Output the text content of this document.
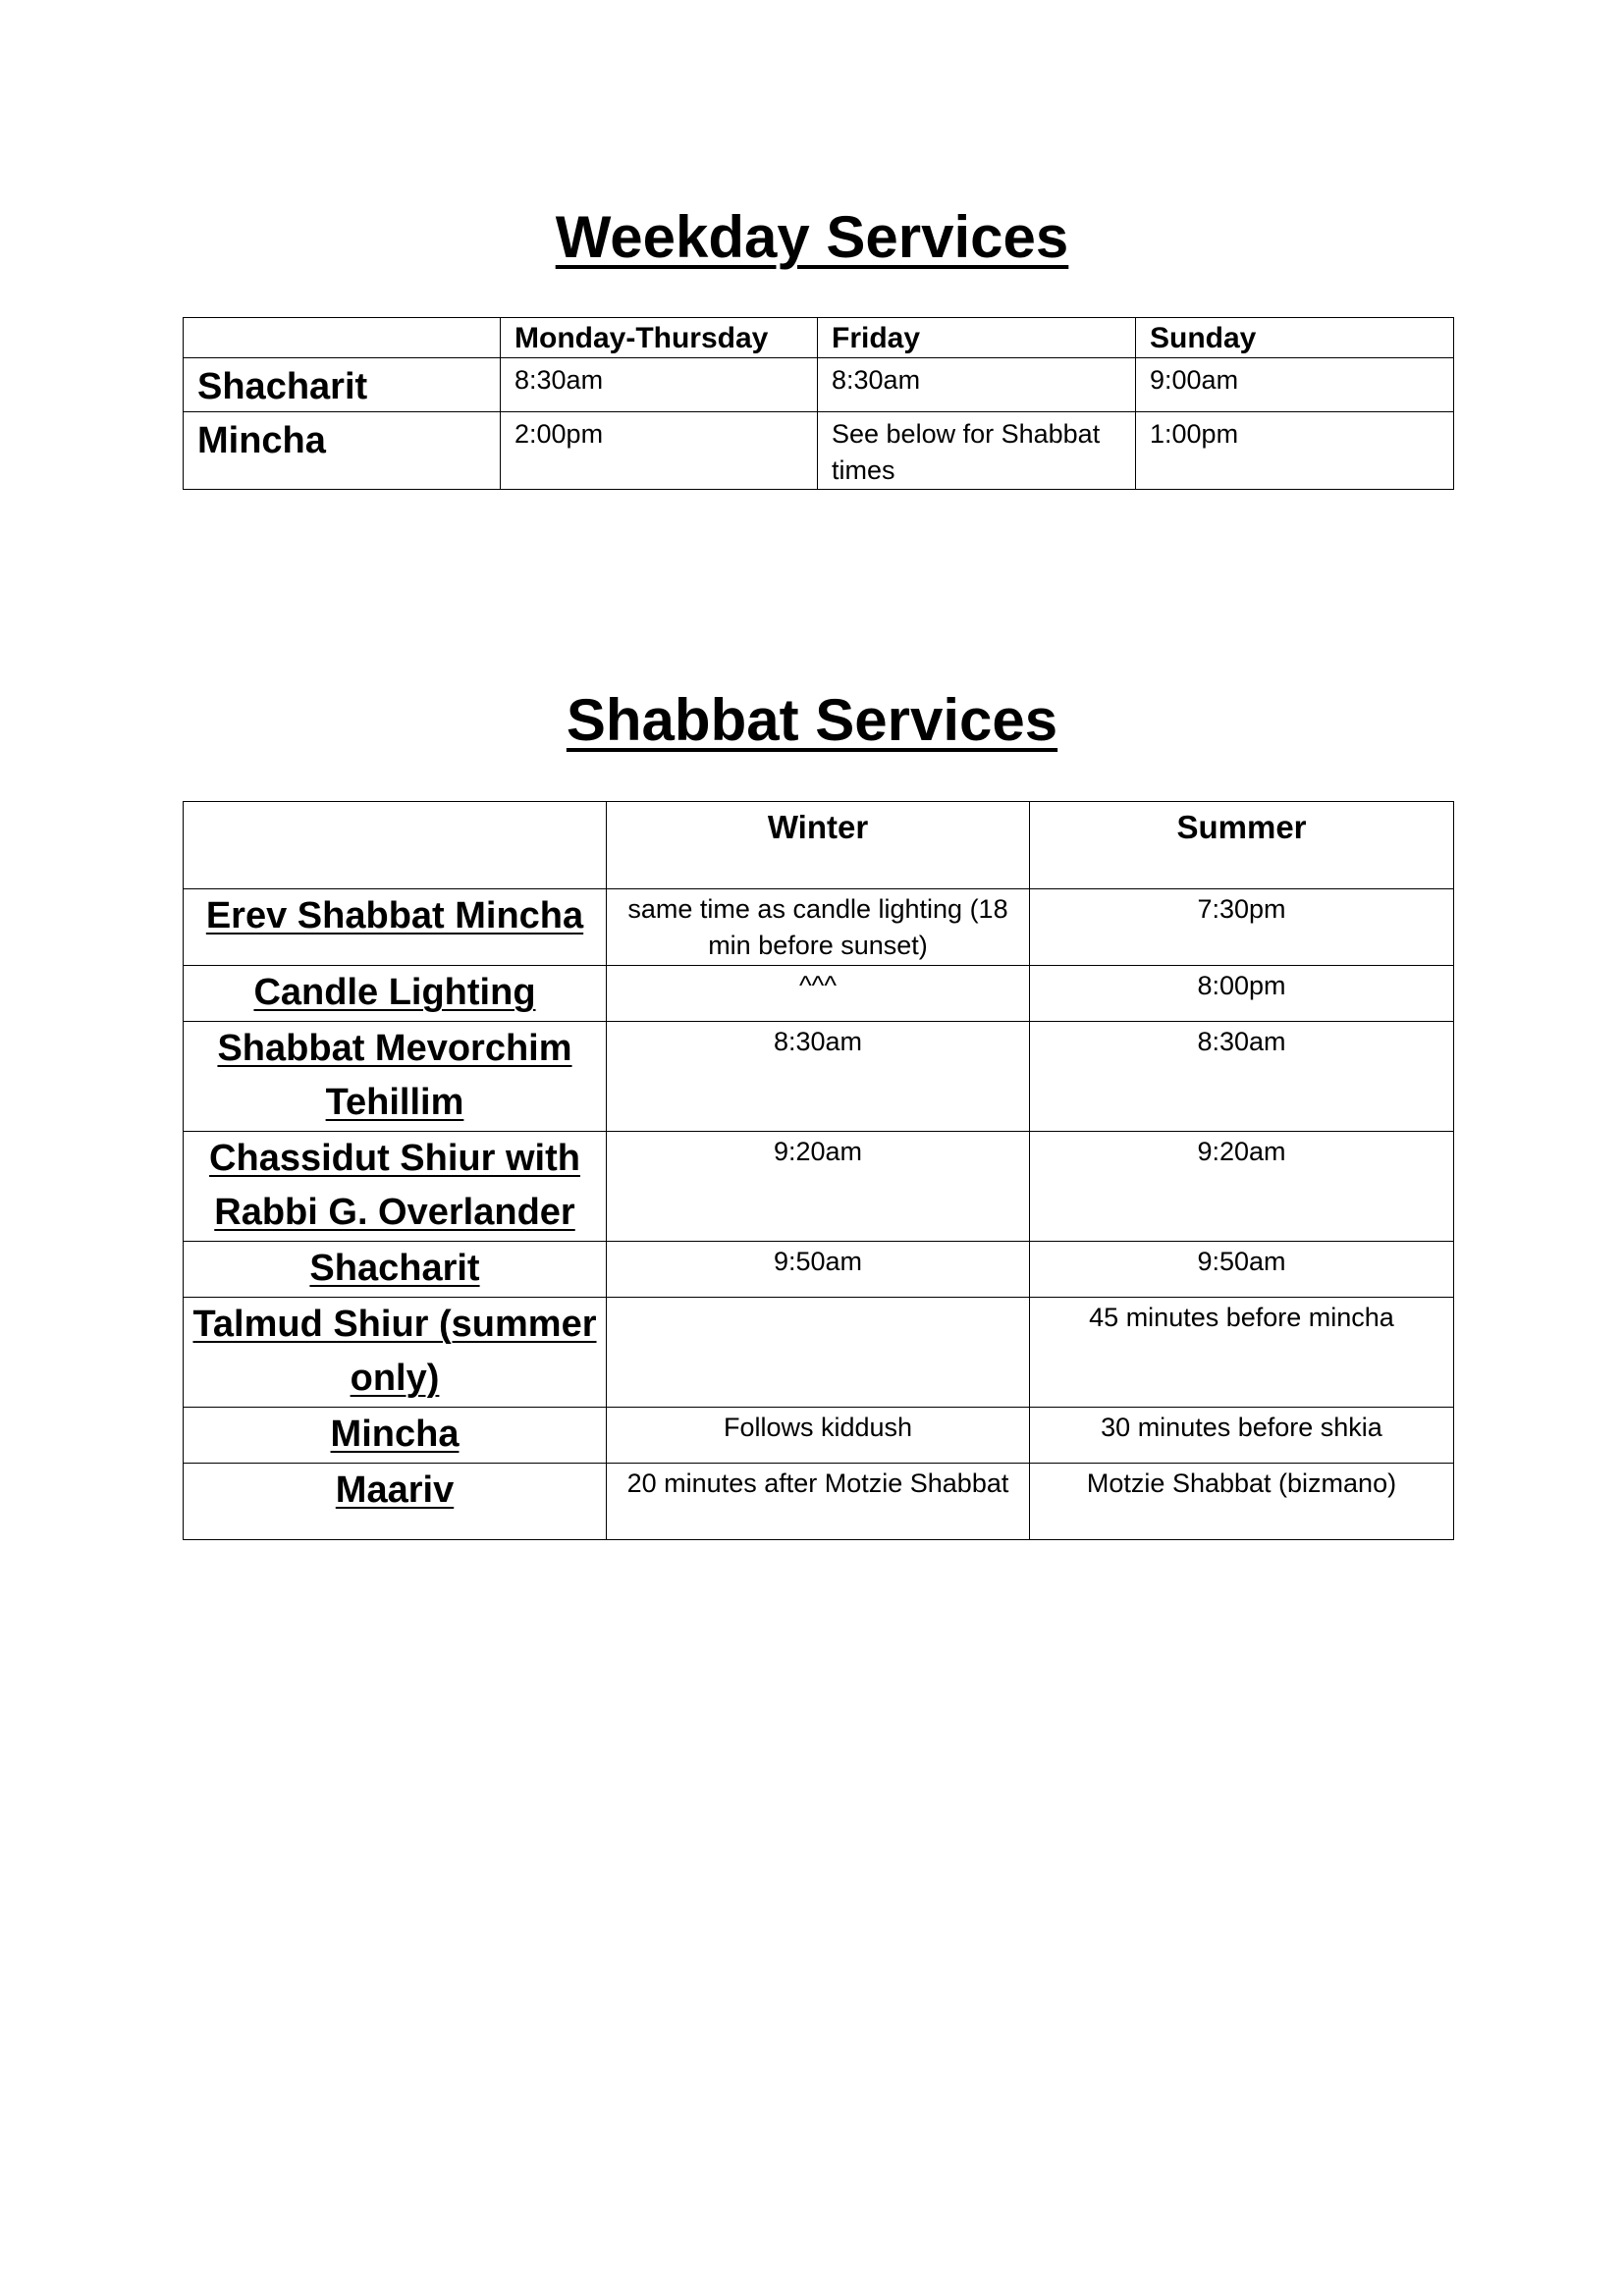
Weekday Services
	Monday-Thursday	Friday	Sunday
Shacharit	8:30am	8:30am	9:00am
Mincha	2:00pm	See below for Shabbat times	1:00pm
Shabbat Services
	Winter	Summer
Erev Shabbat Mincha	same time as candle lighting (18 min before sunset)	7:30pm
Candle Lighting	^^^	8:00pm
Shabbat Mevorchim Tehillim	8:30am	8:30am
Chassidut Shiur with Rabbi G. Overlander	9:20am	9:20am
Shacharit	9:50am	9:50am
Talmud Shiur (summer only)		45 minutes before mincha
Mincha	Follows kiddush	30 minutes before shkia
Maariv	20 minutes after Motzie Shabbat	Motzie Shabbat (bizmano)
